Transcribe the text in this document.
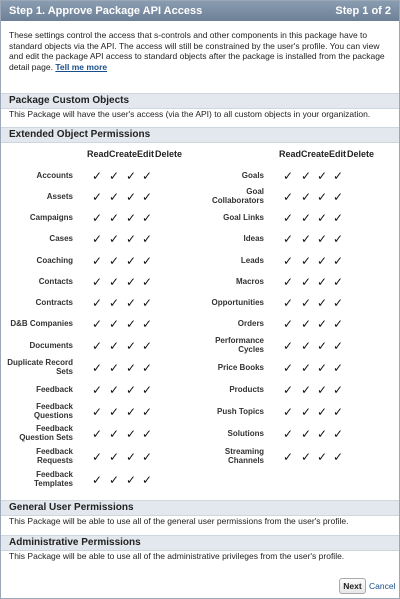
Step 1. Approve Package API Access	Step 1 of 2
These settings control the access that s-controls and other components in this package have to standard objects via the API. The access will still be constrained by the user's profile. You can view and edit the package API access to standard objects after the package is installed from the package detail page. Tell me more
Package Custom Objects
This Package will have the user's access (via the API) to all custom objects in your organization.
Extended Object Permissions
Read Create Edit Delete
Accounts ✓ ✓ ✓ ✓
Assets ✓ ✓ ✓ ✓
Campaigns ✓ ✓ ✓ ✓
Cases ✓ ✓ ✓ ✓
Coaching ✓ ✓ ✓ ✓
Contacts ✓ ✓ ✓ ✓
Contracts ✓ ✓ ✓ ✓
D&B Companies ✓ ✓ ✓ ✓
Documents ✓ ✓ ✓ ✓
Duplicate Record Sets ✓ ✓ ✓ ✓
Feedback ✓ ✓ ✓ ✓
Feedback Questions ✓ ✓ ✓ ✓
Feedback Question Sets ✓ ✓ ✓ ✓
Feedback Requests ✓ ✓ ✓ ✓
Feedback Templates ✓ ✓ ✓ ✓
Read Create Edit Delete
Goals ✓ ✓ ✓ ✓
Goal Collaborators ✓ ✓ ✓ ✓
Goal Links ✓ ✓ ✓ ✓
Ideas ✓ ✓ ✓ ✓
Leads ✓ ✓ ✓ ✓
Macros ✓ ✓ ✓ ✓
Opportunities ✓ ✓ ✓ ✓
Orders ✓ ✓ ✓ ✓
Performance Cycles ✓ ✓ ✓ ✓
Price Books ✓ ✓ ✓ ✓
Products ✓ ✓ ✓ ✓
Push Topics ✓ ✓ ✓ ✓
Solutions ✓ ✓ ✓ ✓
Streaming Channels ✓ ✓ ✓ ✓
General User Permissions
This Package will be able to use all of the general user permissions from the user's profile.
Administrative Permissions
This Package will be able to use all of the administrative privileges from the user's profile.
Next Cancel
